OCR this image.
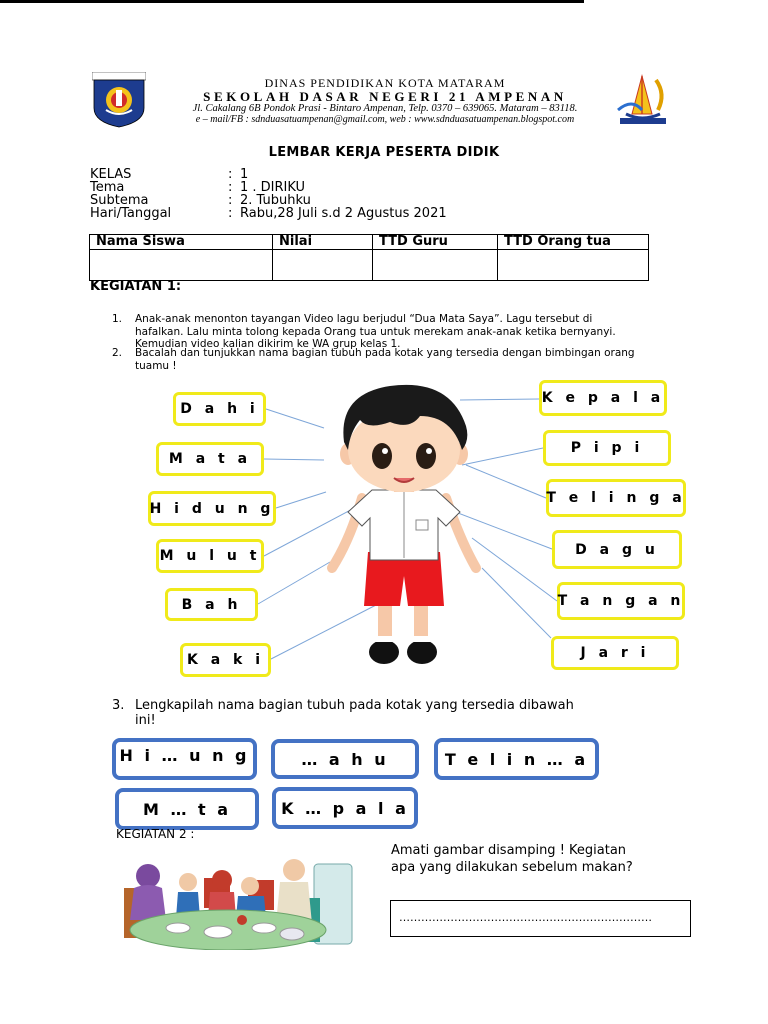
DINAS PENDIDIKAN KOTA MATARAM
SEKOLAH DASAR NEGERI 21 AMPENAN
Jl. Cakalang 6B Pondok Prasi - Bintaro Ampenan, Telp. 0370 – 639065. Mataram – 83118.
e – mail/FB : sdnduasatuampenan@gmail.com, web : www.sdnduasatuampenan.blogspot.com
LEMBAR KERJA PESERTA DIDIK
KELAS	: 1
Tema	: 1 . DIRIKU
Subtema	: 2. Tubuhku
Hari/Tanggal	: Rabu,28 Juli s.d 2 Agustus 2021
Nama Siswa	Nilai	TTD Guru	TTD Orang tua

KEGIATAN 1:
1. Anak-anak menonton tayangan Video lagu berjudul “Dua Mata Saya”. Lagu tersebut di
hafalkan. Lalu minta tolong kepada Orang tua untuk merekam anak-anak ketika bernyanyi.
Kemudian video kalian dikirim ke WA grup kelas 1.
2. Bacalah dan tunjukkan nama bagian tubuh pada kotak yang tersedia dengan bimbingan orang
tuamu !
D a h i
M a t a
H i d u n g
M u l u t
B a h
K a k i
K e p a l a
P i p i
T e l i n g a
D a g u
T a n g a n
J a r i
3. Lengkapilah nama bagian tubuh pada kotak yang tersedia dibawah
ini!
H i … u n g	… a h u	T e l i n … a
M … t a	K … p a l a
KEGIATAN 2 :
Amati gambar disamping ! Kegiatan
apa yang dilakukan sebelum makan?
……………………………………………………………
